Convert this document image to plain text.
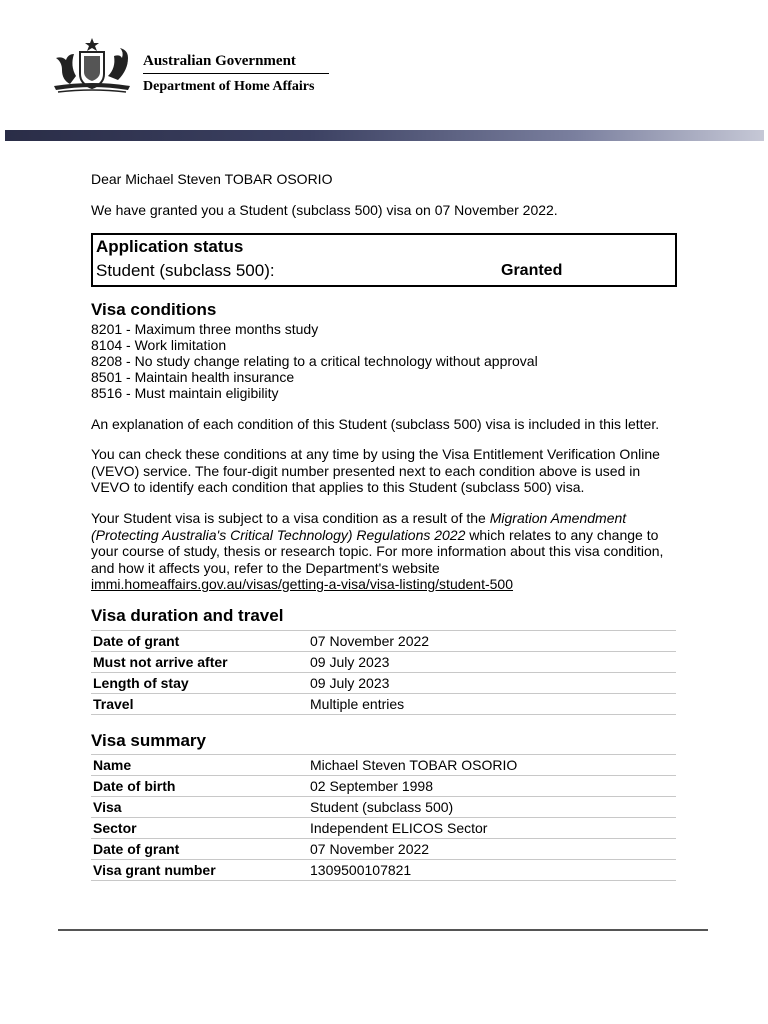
Australian Government
Department of Home Affairs
Dear Michael Steven TOBAR OSORIO
We have granted you a Student (subclass 500) visa on 07 November 2022.
Application status
Student (subclass 500):	Granted
Visa conditions
8201 - Maximum three months study
8104 - Work limitation
8208 - No study change relating to a critical technology without approval
8501 - Maintain health insurance
8516 - Must maintain eligibility
An explanation of each condition of this Student (subclass 500) visa is included in this letter.
You can check these conditions at any time by using the Visa Entitlement Verification Online (VEVO) service. The four-digit number presented next to each condition above is used in VEVO to identify each condition that applies to this Student (subclass 500) visa.
Your Student visa is subject to a visa condition as a result of the Migration Amendment (Protecting Australia's Critical Technology) Regulations 2022 which relates to any change to your course of study, thesis or research topic. For more information about this visa condition, and how it affects you, refer to the Department's website immi.homeaffairs.gov.au/visas/getting-a-visa/visa-listing/student-500
Visa duration and travel
Date of grant	07 November 2022
Must not arrive after	09 July 2023
Length of stay	09 July 2023
Travel	Multiple entries
Visa summary
Name	Michael Steven TOBAR OSORIO
Date of birth	02 September 1998
Visa	Student (subclass 500)
Sector	Independent ELICOS Sector
Date of grant	07 November 2022
Visa grant number	1309500107821
